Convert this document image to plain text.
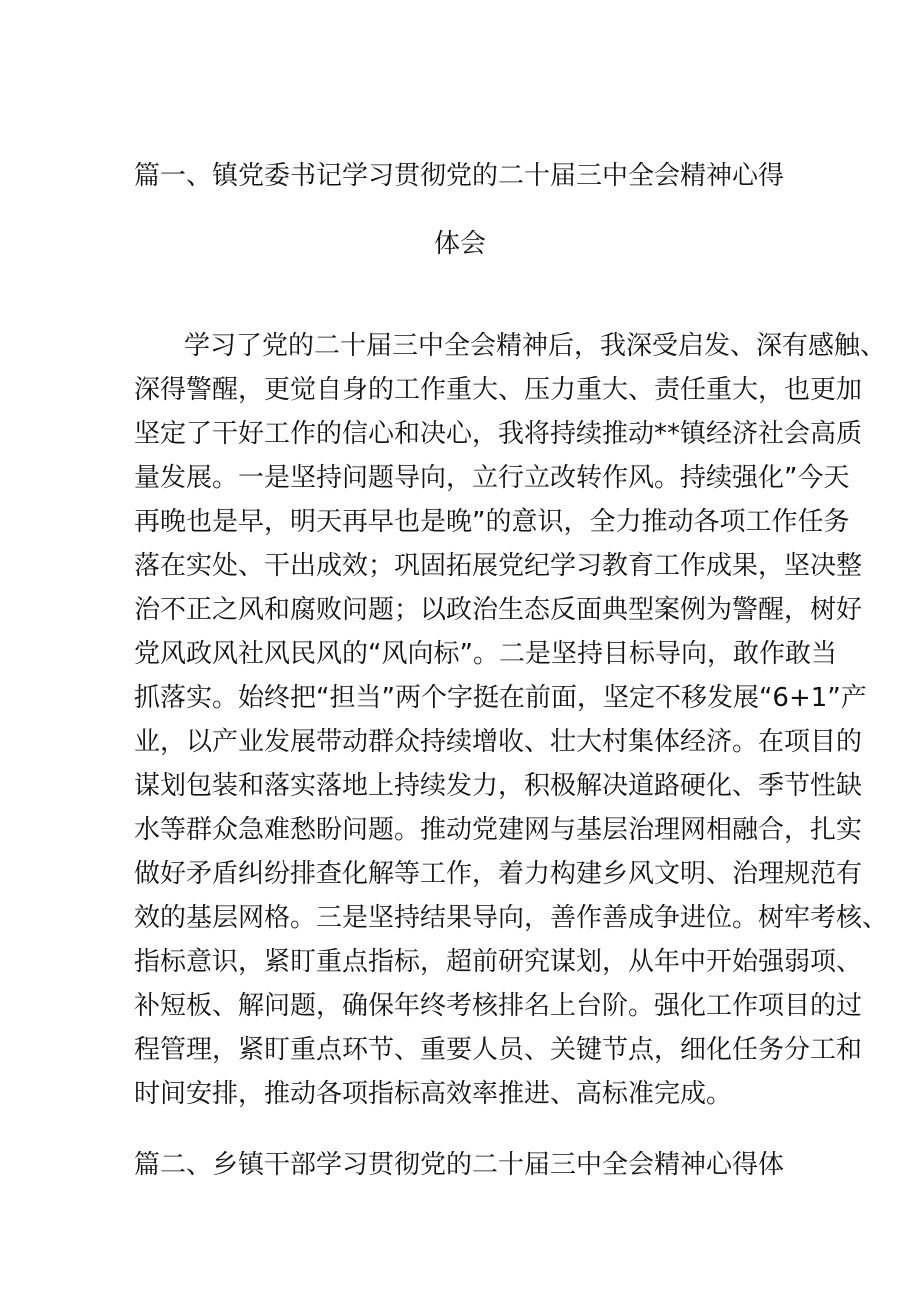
篇一、镇党委书记学习贯彻党的二十届三中全会精神心得
体会
学习了党的二十届三中全会精神后，我深受启发、深有感触、
深得警醒，更觉自身的工作重大、压力重大、责任重大，也更加
坚定了干好工作的信心和决心，我将持续推动**镇经济社会高质
量发展。一是坚持问题导向，立行立改转作风。持续强化”今天
再晚也是早，明天再早也是晚”的意识，全力推动各项工作任务
落在实处、干出成效；巩固拓展党纪学习教育工作成果，坚决整
治不正之风和腐败问题；以政治生态反面典型案例为警醒，树好
党风政风社风民风的“风向标”。二是坚持目标导向，敢作敢当
抓落实。始终把“担当”两个字挺在前面，坚定不移发展“6+1”产
业，以产业发展带动群众持续增收、壮大村集体经济。在项目的
谋划包装和落实落地上持续发力，积极解决道路硬化、季节性缺
水等群众急难愁盼问题。推动党建网与基层治理网相融合，扎实
做好矛盾纠纷排查化解等工作，着力构建乡风文明、治理规范有
效的基层网格。三是坚持结果导向，善作善成争进位。树牢考核、
指标意识，紧盯重点指标，超前研究谋划，从年中开始强弱项、
补短板、解问题，确保年终考核排名上台阶。强化工作项目的过
程管理，紧盯重点环节、重要人员、关键节点，细化任务分工和
时间安排，推动各项指标高效率推进、高标准完成。
篇二、乡镇干部学习贯彻党的二十届三中全会精神心得体
